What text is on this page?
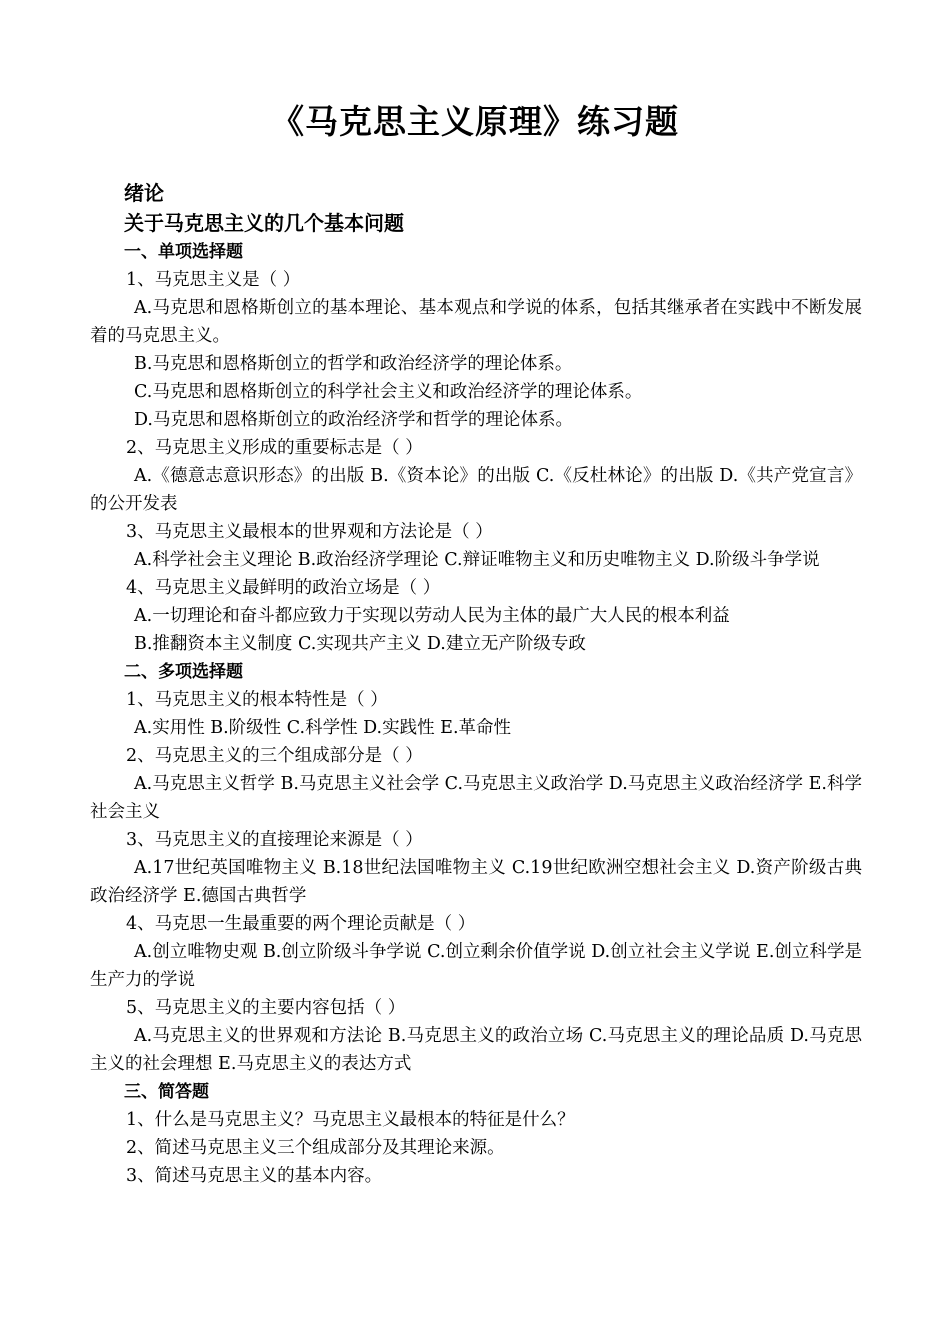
《马克思主义原理》练习题
绪论
关于马克思主义的几个基本问题
一、单项选择题
1、马克思主义是（ ）

A.马克思和恩格斯创立的基本理论、基本观点和学说的体系，包括其继承者在实践中不断发展着的马克思主义。

B.马克思和恩格斯创立的哲学和政治经济学的理论体系。
C.马克思和恩格斯创立的科学社会主义和政治经济学的理论体系。
D.马克思和恩格斯创立的政治经济学和哲学的理论体系。
2、马克思主义形成的重要标志是（ ）

A.《德意志意识形态》的出版 B.《资本论》的出版 C.《反杜林论》的出版 D.《共产党宣言》的公开发表

3、马克思主义最根本的世界观和方法论是（ ）

A.科学社会主义理论 B.政治经济学理论 C.辩证唯物主义和历史唯物主义 D.阶级斗争学说

4、马克思主义最鲜明的政治立场是（ ）
A.一切理论和奋斗都应致力于实现以劳动人民为主体的最广大人民的根本利益
B.推翻资本主义制度 C.实现共产主义 D.建立无产阶级专政
二、多项选择题
1、马克思主义的根本特性是（ ）
A.实用性 B.阶级性 C.科学性 D.实践性 E.革命性
2、马克思主义的三个组成部分是（ ）

A.马克思主义哲学 B.马克思主义社会学 C.马克思主义政治学 D.马克思主义政治经济学 E.科学社会主义

3、马克思主义的直接理论来源是（ ）

A.17世纪英国唯物主义 B.18世纪法国唯物主义 C.19世纪欧洲空想社会主义 D.资产阶级古典政治经济学 E.德国古典哲学

4、马克思一生最重要的两个理论贡献是（ ）

A.创立唯物史观 B.创立阶级斗争学说 C.创立剩余价值学说 D.创立社会主义学说 E.创立科学是生产力的学说

5、马克思主义的主要内容包括（ ）

A.马克思主义的世界观和方法论 B.马克思主义的政治立场 C.马克思主义的理论品质 D.马克思主义的社会理想 E.马克思主义的表达方式

三、简答题
1、什么是马克思主义？马克思主义最根本的特征是什么？
2、简述马克思主义三个组成部分及其理论来源。
3、简述马克思主义的基本内容。
